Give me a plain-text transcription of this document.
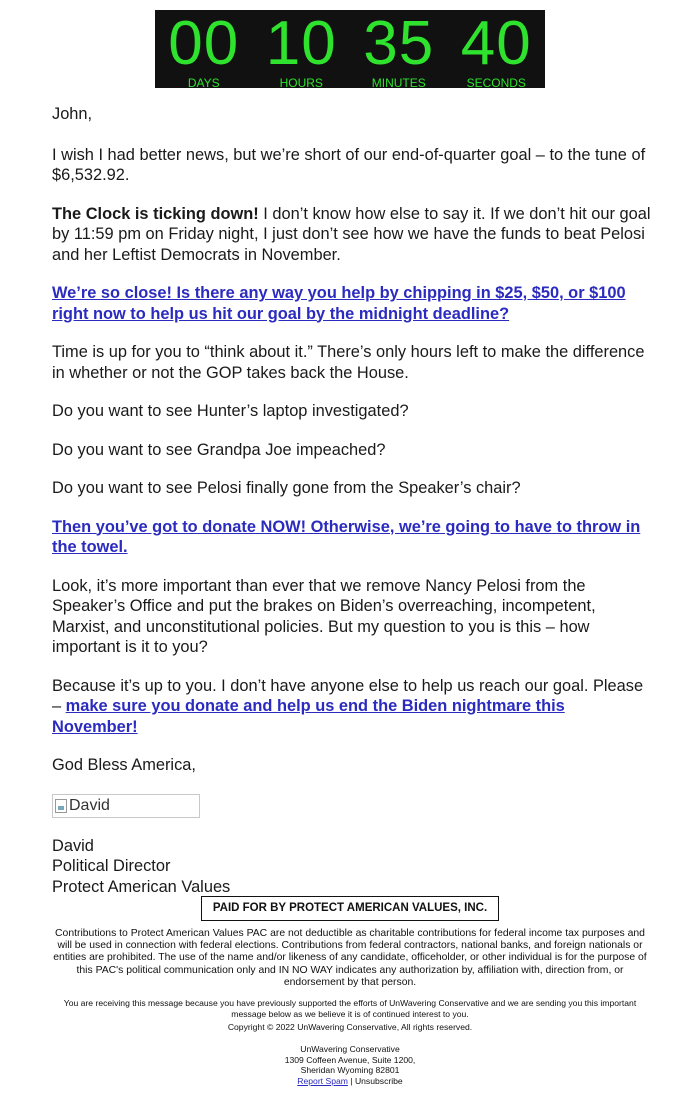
00
DAYS
10
HOURS
35
MINUTES
40
SECONDS

John,

I wish I had better news, but we’re short of our end-of-quarter goal – to the tune of $6,532.92.

The Clock is ticking down! I don’t know how else to say it. If we don’t hit our goal by 11:59 pm on Friday night, I just don’t see how we have the funds to beat Pelosi and her Leftist Democrats in November.

We’re so close! Is there any way you help by chipping in $25, $50, or $100 right now to help us hit our goal by the midnight deadline?

Time is up for you to “think about it.” There’s only hours left to make the difference in whether or not the GOP takes back the House.

Do you want to see Hunter’s laptop investigated?

Do you want to see Grandpa Joe impeached?

Do you want to see Pelosi finally gone from the Speaker’s chair?

Then you’ve got to donate NOW! Otherwise, we’re going to have to throw in the towel.

Look, it’s more important than ever that we remove Nancy Pelosi from the Speaker’s Office and put the brakes on Biden’s overreaching, incompetent, Marxist, and unconstitutional policies. But my question to you is this – how important is it to you?

Because it’s up to you. I don’t have anyone else to help us reach our goal. Please – make sure you donate and help us end the Biden nightmare this November!

God Bless America,

David

David

Political Director

Protect American Values

PAID FOR BY PROTECT AMERICAN VALUES, INC.
Contributions to Protect American Values PAC are not deductible as charitable contributions for federal income tax purposes and will be used in connection with federal elections. Contributions from federal contractors, national banks, and foreign nationals or entities are prohibited. The use of the name and/or likeness of any candidate, officeholder, or other individual is for the purpose of this PAC's political communication only and IN NO WAY indicates any authorization by, affiliation with, direction from, or endorsement by that person.
You are receiving this message because you have previously supported the efforts of UnWavering Conservative and we are sending you this important message below as we believe it is of continued interest to you.
Copyright © 2022 UnWavering Conservative, All rights reserved.
UnWavering Conservative
1309 Coffeen Avenue, Suite 1200,
Sheridan Wyoming 82801
Report Spam | Unsubscribe
